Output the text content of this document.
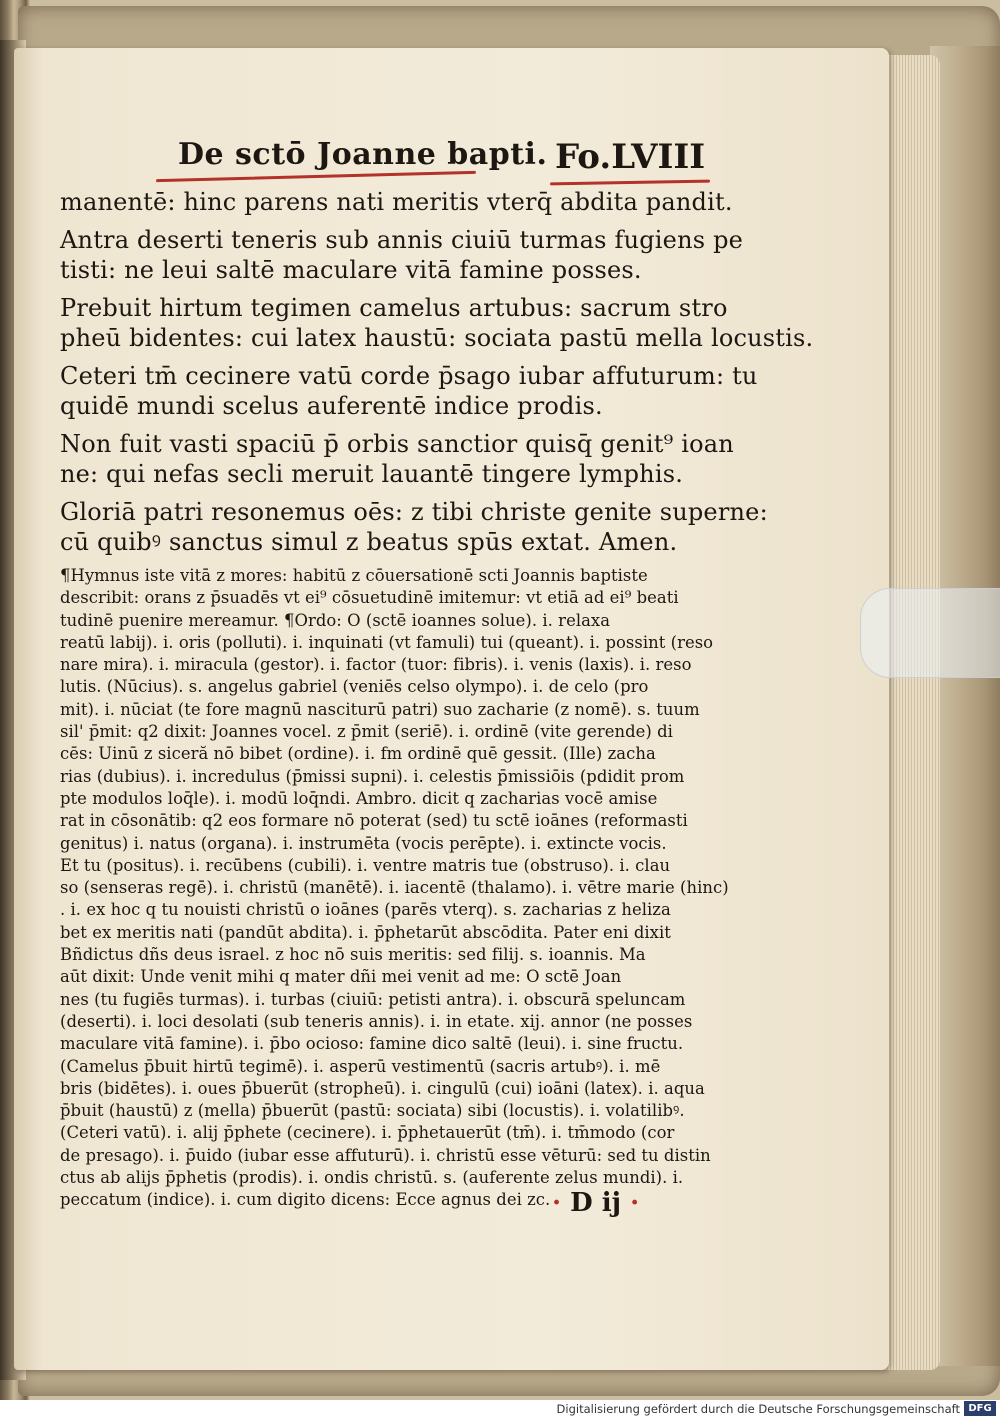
De sctō Joanne bapti. Fo.LVIII
manentē: hinc parens nati meritis vterq̄ abdita pandit.
Antra deserti teneris sub annis ciuiū turmas fugiens pe
tisti: ne leui saltē maculare vitā famine posses.
Prebuit hirtum tegimen camelus artubus: sacrum stro
pheū bidentes: cui latex haustū: sociata pastū mella locustis.
Ceteri tm̄ cecinere vatū corde p̄sago iubar affuturum: tu
quidē mundi scelus auferentē indice prodis.
Non fuit vasti spaciū p̄ orbis sanctior quisq̄ genit⁹ ioan
ne: qui nefas secli meruit lauantē tingere lymphis.
Gloriā patri resonemus oēs: z tibi christe genite superne:
cū quibꝰ sanctus simul z beatus spūs extat. Amen.
¶Hymnus iste vitā z mores: habitū z cōuersationē scti Joannis baptiste
describit: orans z p̄suadēs vt ei⁹ cōsuetudinē imitemur: vt etiā ad ei⁹ beati
tudinē puenire mereamur. ¶Ordo: O (sctē ioannes solue). i. relaxa
reatū labij). i. oris (polluti). i. inquinati (vt famuli) tui (queant). i. possint (reso
nare mira). i. miracula (gestor). i. factor (tuor: fibris). i. venis (laxis). i. reso
lutis. (Nūcius). s. angelus gabriel (veniēs celso olympo). i. de celo (pro
mit). i. nūciat (te fore magnū nasciturū patri) suo zacharie (z nomē). s. tuum
sil' p̄mit: q2 dixit: Joannes vocel. z p̄mit (seriē). i. ordinē (vite gerende) di
cēs: Uinū z siceră nō bibet (ordine). i. fm ordinē quē gessit. (Ille) zacha
rias (dubius). i. incredulus (p̄missi supni). i. celestis p̄missiōis (pdidit prom
pte modulos loq̄le). i. modū loq̄ndi. Ambro. dicit q zacharias vocē amise
rat in cōsonātib: q2 eos formare nō poterat (sed) tu sctē ioānes (reformasti
genitus) i. natus (organa). i. instrumēta (vocis perēpte). i. extincte vocis.
Et tu (positus). i. recūbens (cubili). i. ventre matris tue (obstruso). i. clau
so (senseras regē). i. christū (manētē). i. iacentē (thalamo). i. vētre marie (hinc)
. i. ex hoc q tu nouisti christū o ioānes (parēs vterq). s. zacharias z heliza
bet ex meritis nati (pandūt abdita). i. p̄phetarūt abscōdita. Pater eni dixit
Bñdictus dñs deus israel. z hoc nō suis meritis: sed filij. s. ioannis. Ma
aūt dixit: Unde venit mihi q mater dñi mei venit ad me: O sctē Joan
nes (tu fugiēs turmas). i. turbas (ciuiū: petisti antra). i. obscurā speluncam
(deserti). i. loci desolati (sub teneris annis). i. in etate. xij. annor (ne posses
maculare vitā famine). i. p̄bo ocioso: famine dico saltē (leui). i. sine fructu.
(Camelus p̄buit hirtū tegimē). i. asperū vestimentū (sacris artubꝰ). i. mē
bris (bidētes). i. oues p̄buerūt (stropheū). i. cingulū (cui) ioāni (latex). i. aqua
p̄buit (haustū) z (mella) p̄buerūt (pastū: sociata) sibi (locustis). i. volatilibꝰ.
(Ceteri vatū). i. alij p̄phete (cecinere). i. p̄phetauerūt (tm̄). i. tm̄modo (cor
de presago). i. p̄uido (iubar esse affuturū). i. christū esse vēturū: sed tu distin
ctus ab alijs p̄phetis (prodis). i. ondis christū. s. (auferente zelus mundi). i.
peccatum (indice). i. cum digito dicens: Ecce agnus dei zc. · D ij ·
Digitalisierung gefördert durch die Deutsche Forschungsgemeinschaft DFG
